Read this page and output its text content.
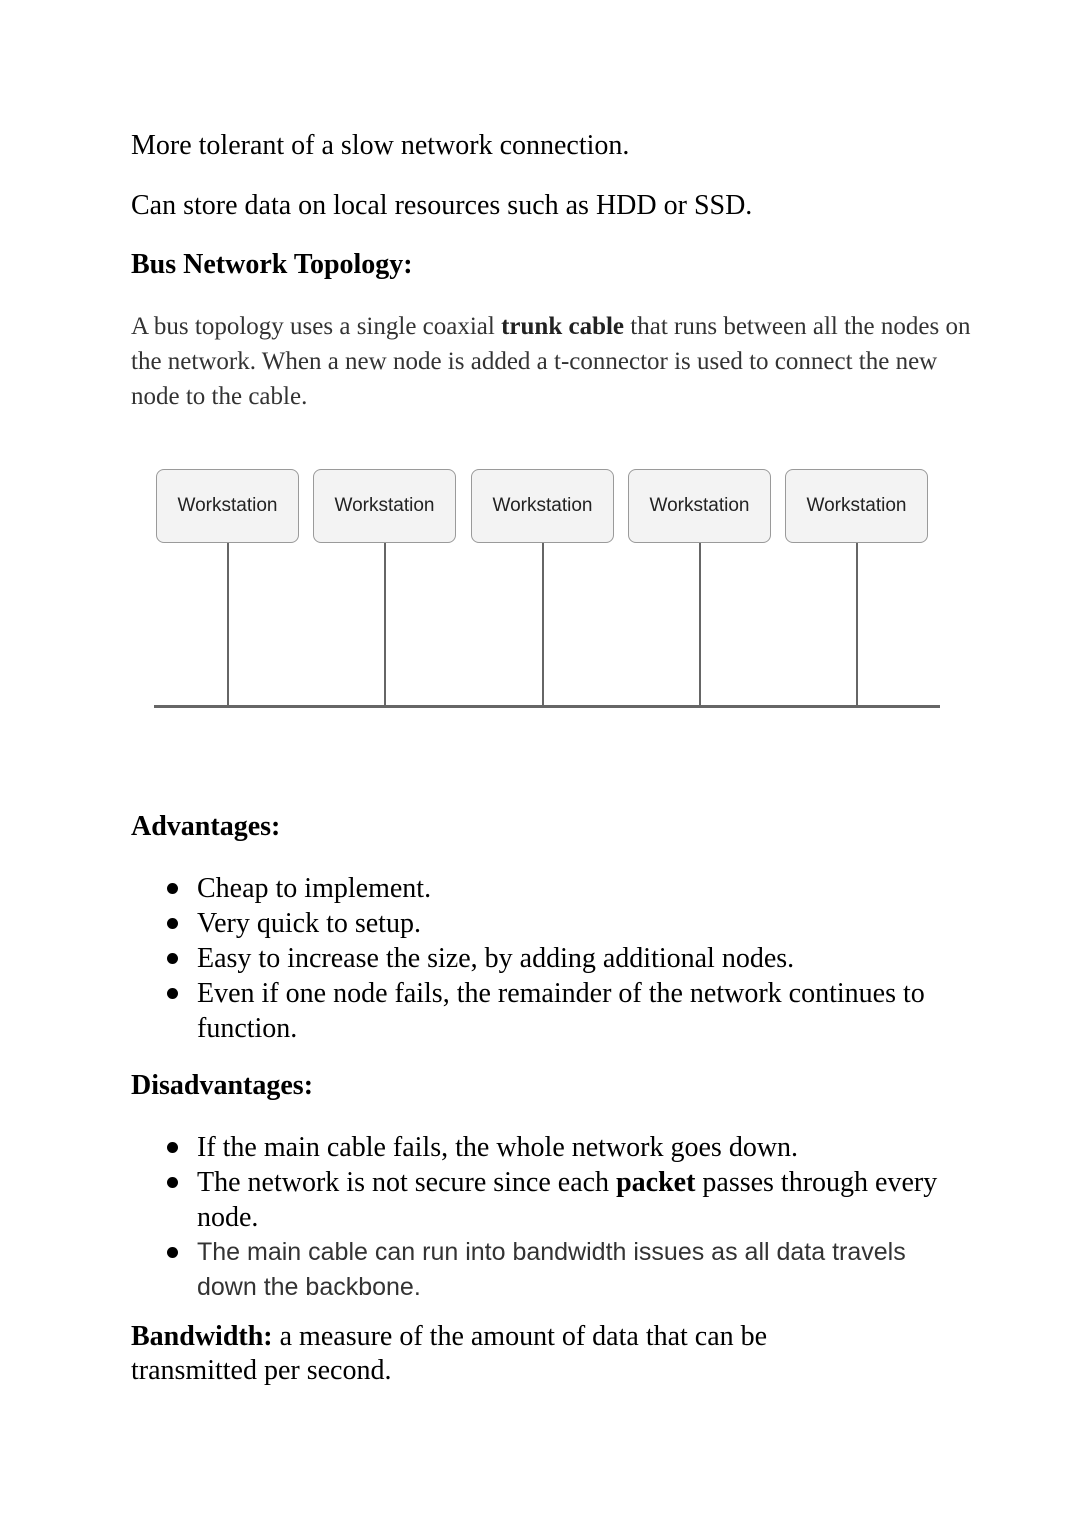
More tolerant of a slow network connection.
Can store data on local resources such as HDD or SSD.
Bus Network Topology:
A bus topology uses a single coaxial trunk cable that runs between all the nodes on the network. When a new node is added a t-connector is used to connect the new node to the cable.
Workstation	Workstation	Workstation	Workstation	Workstation
Advantages:
Cheap to implement.
Very quick to setup.
Easy to increase the size, by adding additional nodes.
Even if one node fails, the remainder of the network continues to function.
Disadvantages:
If the main cable fails, the whole network goes down.
The network is not secure since each packet passes through every node.
The main cable can run into bandwidth issues as all data travels down the backbone.
Bandwidth: a measure of the amount of data that can be transmitted per second.
